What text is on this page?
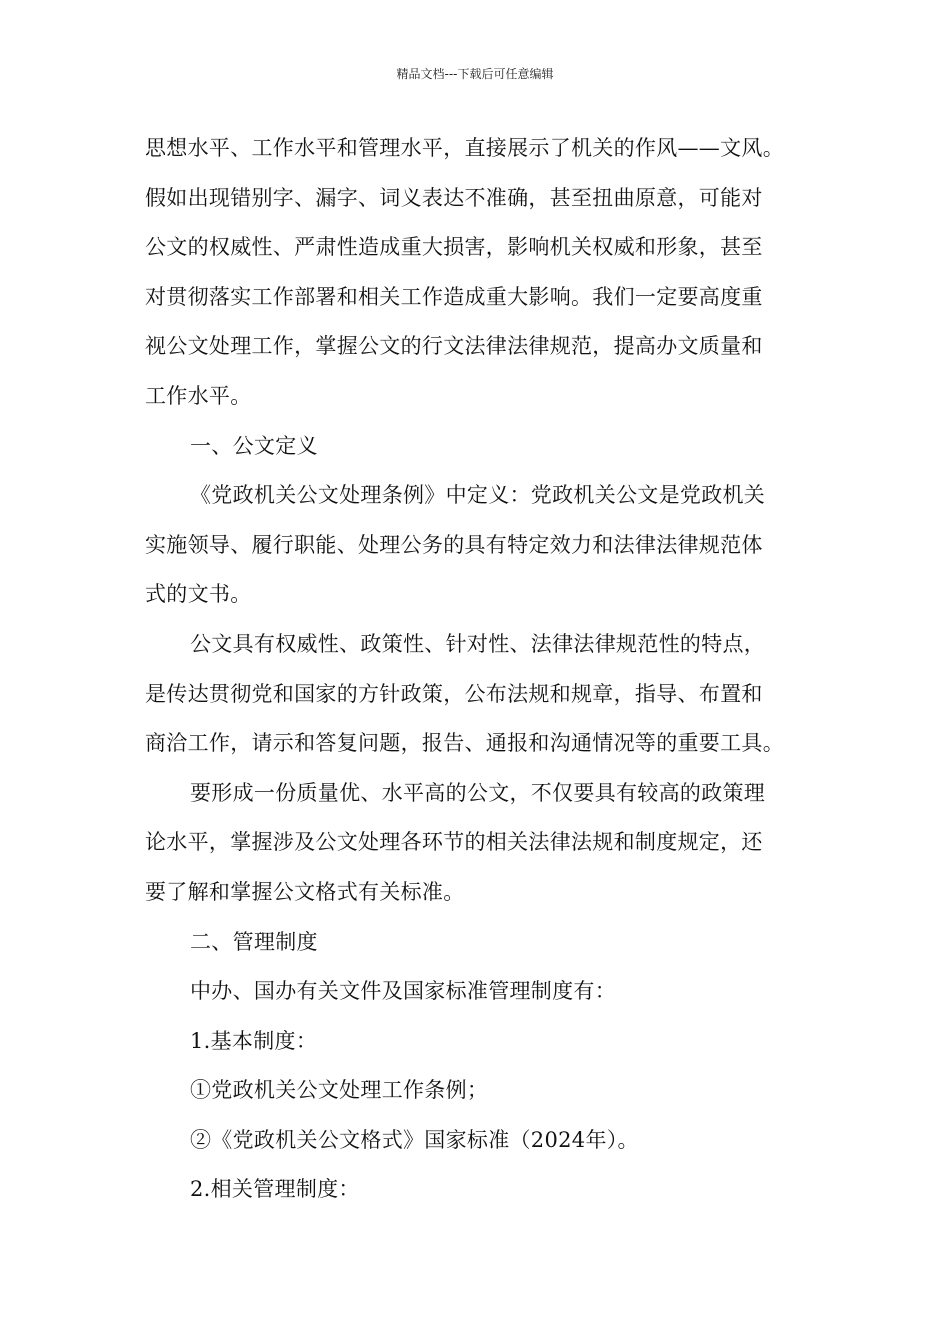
精品文档---下载后可任意编辑
思想水平、工作水平和管理水平，直接展示了机关的作风——文风。
假如出现错别字、漏字、词义表达不准确，甚至扭曲原意，可能对
公文的权威性、严肃性造成重大损害，影响机关权威和形象，甚至
对贯彻落实工作部署和相关工作造成重大影响。我们一定要高度重
视公文处理工作，掌握公文的行文法律法律规范，提高办文质量和
工作水平。
一、公文定义
《党政机关公文处理条例》中定义：党政机关公文是党政机关
实施领导、履行职能、处理公务的具有特定效力和法律法律规范体
式的文书。
公文具有权威性、政策性、针对性、法律法律规范性的特点，
是传达贯彻党和国家的方针政策，公布法规和规章，指导、布置和
商洽工作，请示和答复问题，报告、通报和沟通情况等的重要工具。
要形成一份质量优、水平高的公文，不仅要具有较高的政策理
论水平，掌握涉及公文处理各环节的相关法律法规和制度规定，还
要了解和掌握公文格式有关标准。
二、管理制度
中办、国办有关文件及国家标准管理制度有：
1.基本制度：
①党政机关公文处理工作条例；
②《党政机关公文格式》国家标准（2024年）。
2.相关管理制度：
